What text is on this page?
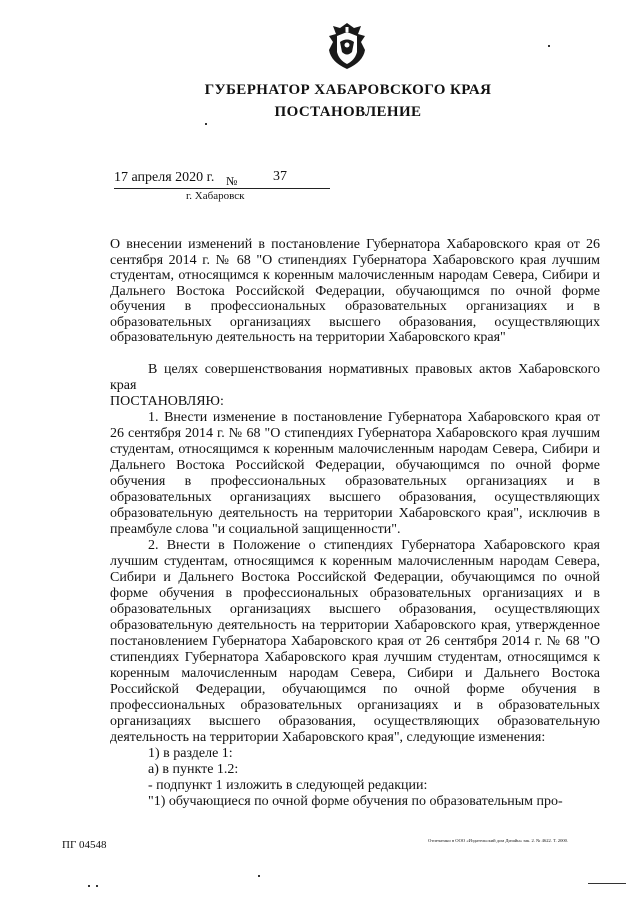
ГУБЕРНАТОР ХАБАРОВСКОГО КРАЯ
ПОСТАНОВЛЕНИЕ
17 апреля 2020 г. №	37
г. Хабаровск
О внесении изменений в постановление Губернатора Хабаровского края от 26 сентября 2014 г. № 68 "О стипендиях Губернатора Хабаровского края лучшим студентам, относящимся к коренным малочисленным народам Севера, Сибири и Дальнего Востока Российской Федерации, обучающимся по очной форме обучения в профессиональных образовательных организациях и в образовательных организациях высшего образования, осуществляющих образовательную деятельность на территории Хабаровского края"

В целях совершенствования нормативных правовых актов Хабаровского края

ПОСТАНОВЛЯЮ:

1. Внести изменение в постановление Губернатора Хабаровского края от 26 сентября 2014 г. № 68 "О стипендиях Губернатора Хабаровского края лучшим студентам, относящимся к коренным малочисленным народам Севера, Сибири и Дальнего Востока Российской Федерации, обучающимся по очной форме обучения в профессиональных образовательных организациях и в образовательных организациях высшего образования, осуществляющих образовательную деятельность на территории Хабаровского края", исключив в преамбуле слова "и социальной защищенности".

2. Внести в Положение о стипендиях Губернатора Хабаровского края лучшим студентам, относящимся к коренным малочисленным народам Севера, Сибири и Дальнего Востока Российской Федерации, обучающимся по очной форме обучения в профессиональных образовательных организациях и в образовательных организациях высшего образования, осуществляющих образовательную деятельность на территории Хабаровского края, утвержденное постановлением Губернатора Хабаровского края от 26 сентября 2014 г. № 68 "О стипендиях Губернатора Хабаровского края лучшим студентам, относящимся к коренным малочисленным народам Севера, Сибири и Дальнего Востока Российской Федерации, обучающимся по очной форме обучения в профессиональных образовательных организациях и в образовательных организациях высшего образования, осуществляющих образовательную деятельность на территории Хабаровского края", следующие изменения:

1) в разделе 1:

а) в пункте 1.2:

- подпункт 1 изложить в следующей редакции:

"1) обучающиеся по очной форме обучения по образовательным про-

ПГ 04548	Отпечатано в ООО «Издательский дом Дизайн» зак. 2. № 4622. Т. 2000.
